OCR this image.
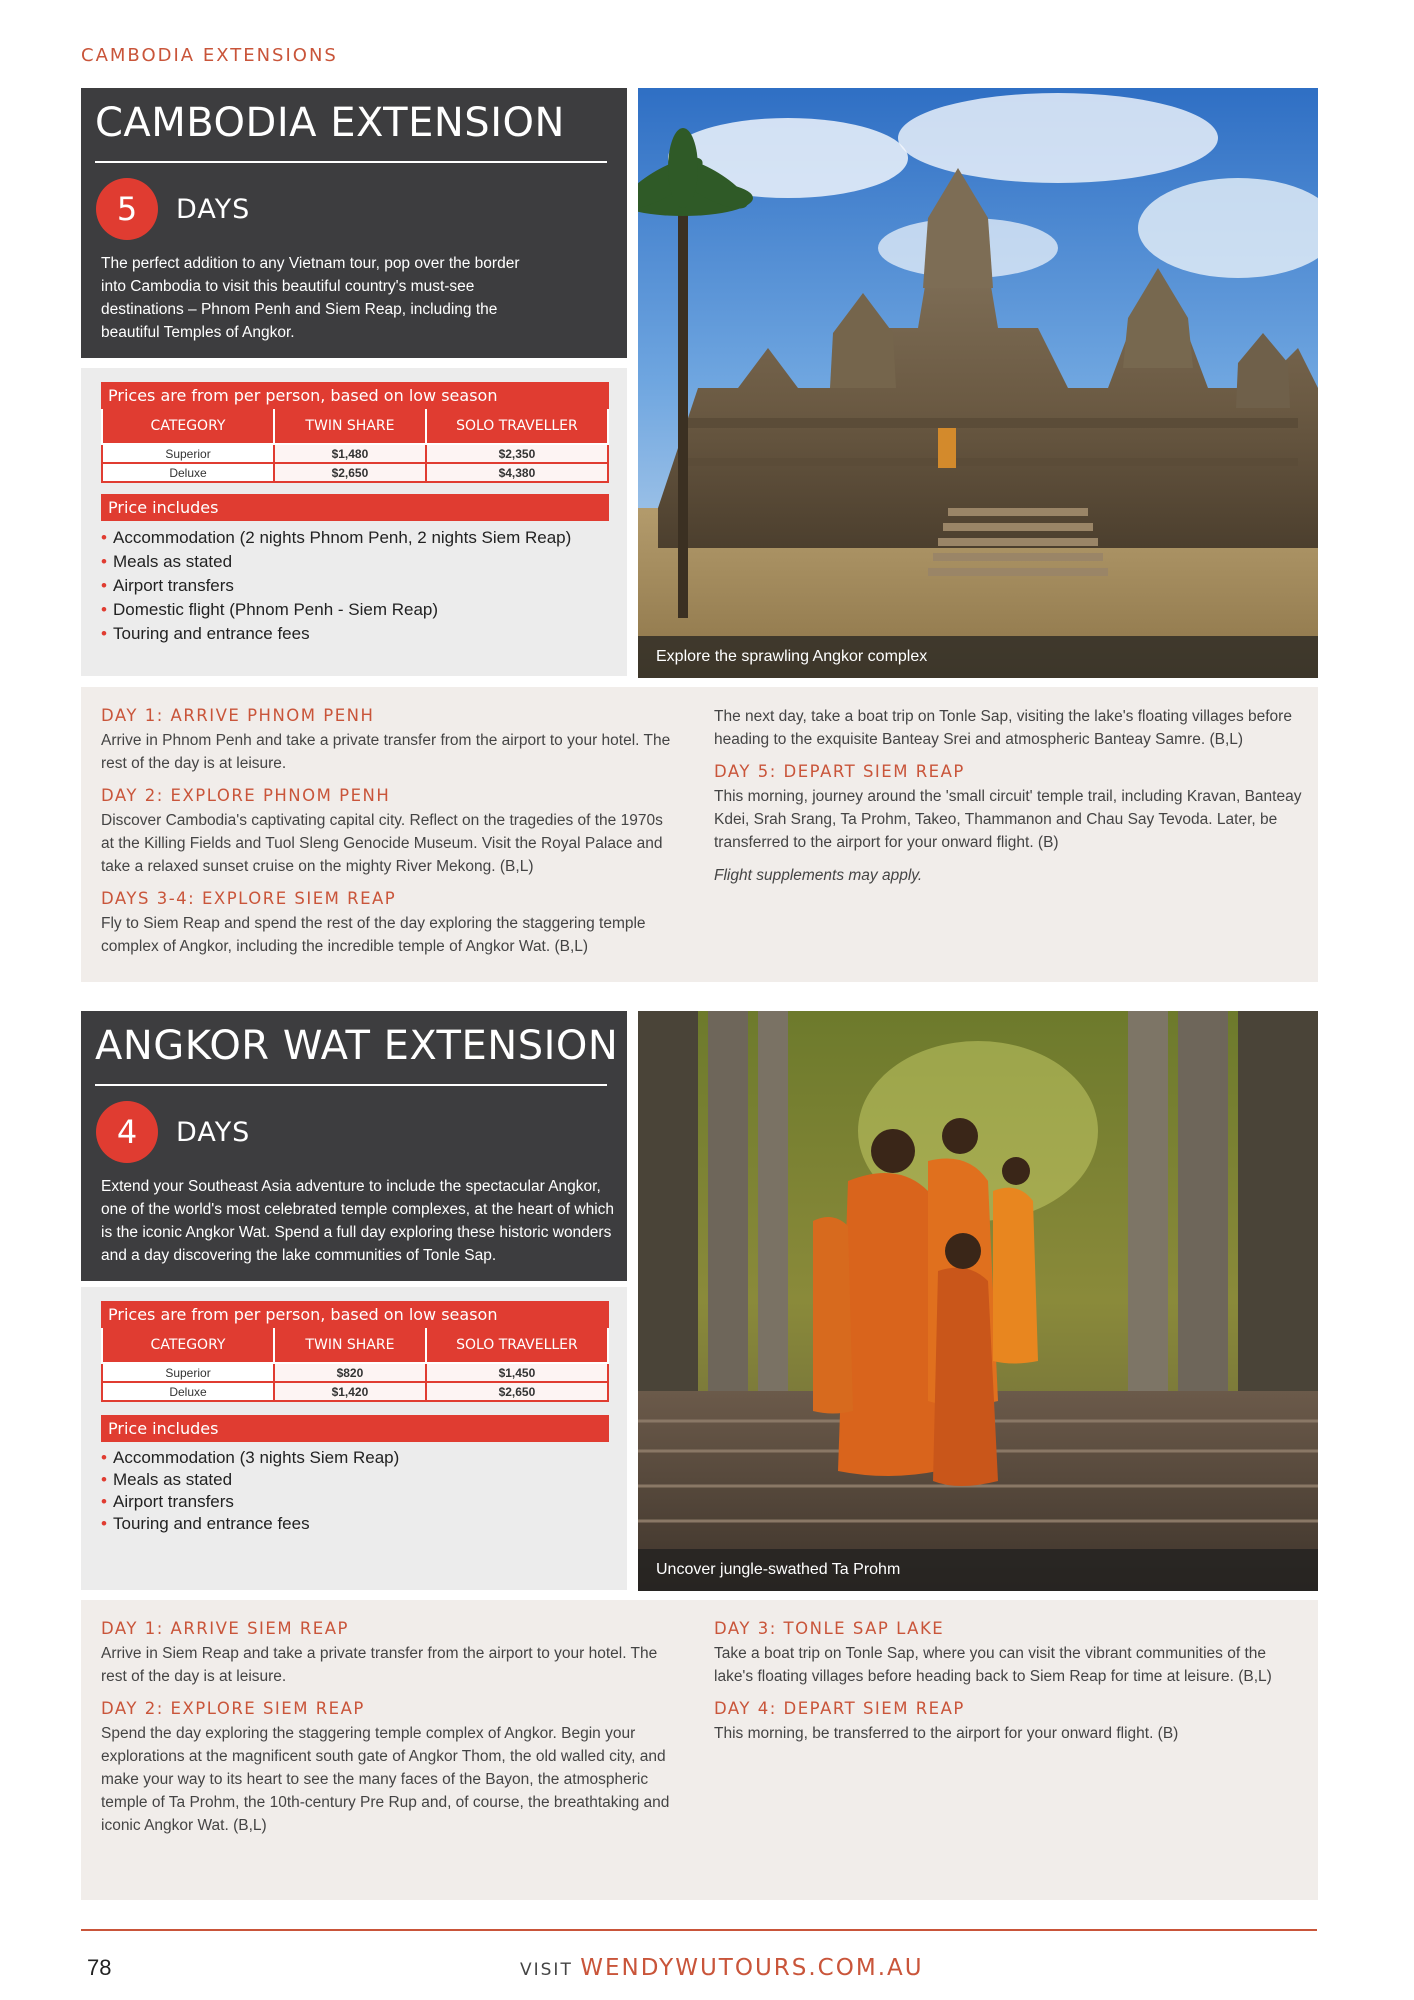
CAMBODIA EXTENSIONS
CAMBODIA EXTENSION
5	DAYS
The perfect addition to any Vietnam tour, pop over the border into Cambodia to visit this beautiful country's must-see destinations – Phnom Penh and Siem Reap, including the beautiful Temples of Angkor.
Prices are from per person, based on low season
CATEGORY	TWIN SHARE	SOLO TRAVELLER
Superior	$1,480	$2,350
Deluxe	$2,650	$4,380
Price includes
• Accommodation (2 nights Phnom Penh, 2 nights Siem Reap)
• Meals as stated
• Airport transfers
• Domestic flight (Phnom Penh - Siem Reap)
• Touring and entrance fees
Explore the sprawling Angkor complex

DAY 1: ARRIVE PHNOM PENH

Arrive in Phnom Penh and take a private transfer from the airport to your hotel. The rest of the day is at leisure.

DAY 2: EXPLORE PHNOM PENH

Discover Cambodia's captivating capital city. Reflect on the tragedies of the 1970s at the Killing Fields and Tuol Sleng Genocide Museum. Visit the Royal Palace and take a relaxed sunset cruise on the mighty River Mekong. (B,L)

DAYS 3-4: EXPLORE SIEM REAP

Fly to Siem Reap and spend the rest of the day exploring the staggering temple complex of Angkor, including the incredible temple of Angkor Wat. (B,L)

The next day, take a boat trip on Tonle Sap, visiting the lake's floating villages before heading to the exquisite Banteay Srei and atmospheric Banteay Samre. (B,L)

DAY 5: DEPART SIEM REAP

This morning, journey around the 'small circuit' temple trail, including Kravan, Banteay Kdei, Srah Srang, Ta Prohm, Takeo, Thammanon and Chau Say Tevoda. Later, be transferred to the airport for your onward flight. (B)

Flight supplements may apply.

ANGKOR WAT EXTENSION
4	DAYS
Extend your Southeast Asia adventure to include the spectacular Angkor, one of the world's most celebrated temple complexes, at the heart of which is the iconic Angkor Wat. Spend a full day exploring these historic wonders and a day discovering the lake communities of Tonle Sap.
Prices are from per person, based on low season
CATEGORY	TWIN SHARE	SOLO TRAVELLER
Superior	$820	$1,450
Deluxe	$1,420	$2,650
Price includes
• Accommodation (3 nights Siem Reap)
• Meals as stated
• Airport transfers
• Touring and entrance fees
Uncover jungle-swathed Ta Prohm

DAY 1: ARRIVE SIEM REAP

Arrive in Siem Reap and take a private transfer from the airport to your hotel. The rest of the day is at leisure.

DAY 2: EXPLORE SIEM REAP

Spend the day exploring the staggering temple complex of Angkor. Begin your explorations at the magnificent south gate of Angkor Thom, the old walled city, and make your way to its heart to see the many faces of the Bayon, the atmospheric temple of Ta Prohm, the 10th-century Pre Rup and, of course, the breathtaking and iconic Angkor Wat. (B,L)

DAY 3: TONLE SAP LAKE

Take a boat trip on Tonle Sap, where you can visit the vibrant communities of the lake's floating villages before heading back to Siem Reap for time at leisure. (B,L)

DAY 4: DEPART SIEM REAP

This morning, be transferred to the airport for your onward flight. (B)

78	VISIT WENDYWUTOURS.COM.AU
